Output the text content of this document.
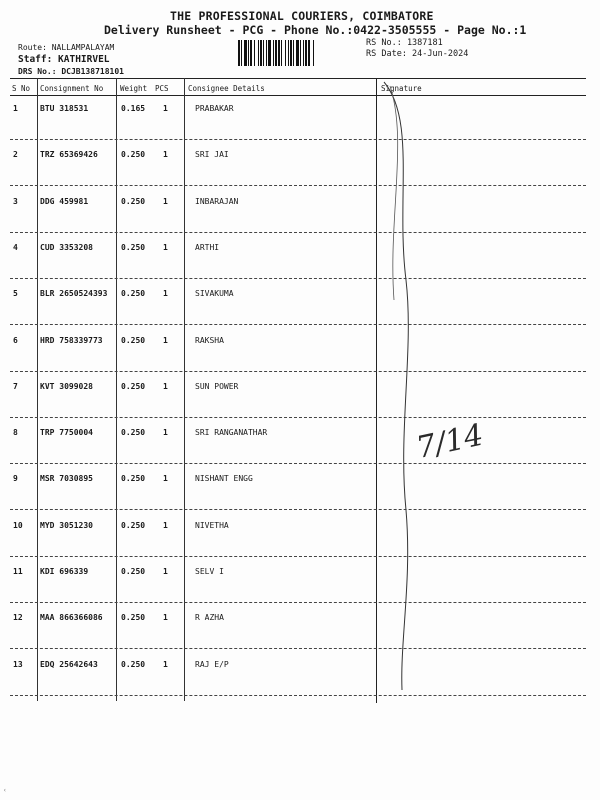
THE PROFESSIONAL COURIERS, COIMBATORE
Delivery Runsheet - PCG - Phone No.:0422-3505555 - Page No.:1
Route: NALLAMPALAYAM
Staff: KATHIRVEL
DRS No.: DCJB138718101
RS No.: 1387181
RS Date: 24-Jun-2024
S No Consignment No Weight PCS	Consignee Details	Signature
1	BTU 318531	0.165 1	PRABAKAR
2	TRZ 65369426	0.250 1	SRI JAI
3	DDG 459981	0.250 1	INBARAJAN
4	CUD 3353208	0.250 1	ARTHI
5	BLR 2650524393 0.250 1	SIVAKUMA
6	HRD 758339773 0.250 1	RAKSHA
7	KVT 3099028	0.250 1	SUN POWER
8	TRP 7750004	0.250 1	SRI RANGANATHAR
9	MSR 7030895	0.250 1	NISHANT ENGG
10 MYD 3051230	0.250 1	NIVETHA
11 KDI 696339	0.250 1	SELV I
12 MAA 866366086 0.250 1	R AZHA
13 EDQ 25642643	0.250 1	RAJ E/P
7/14
‹
